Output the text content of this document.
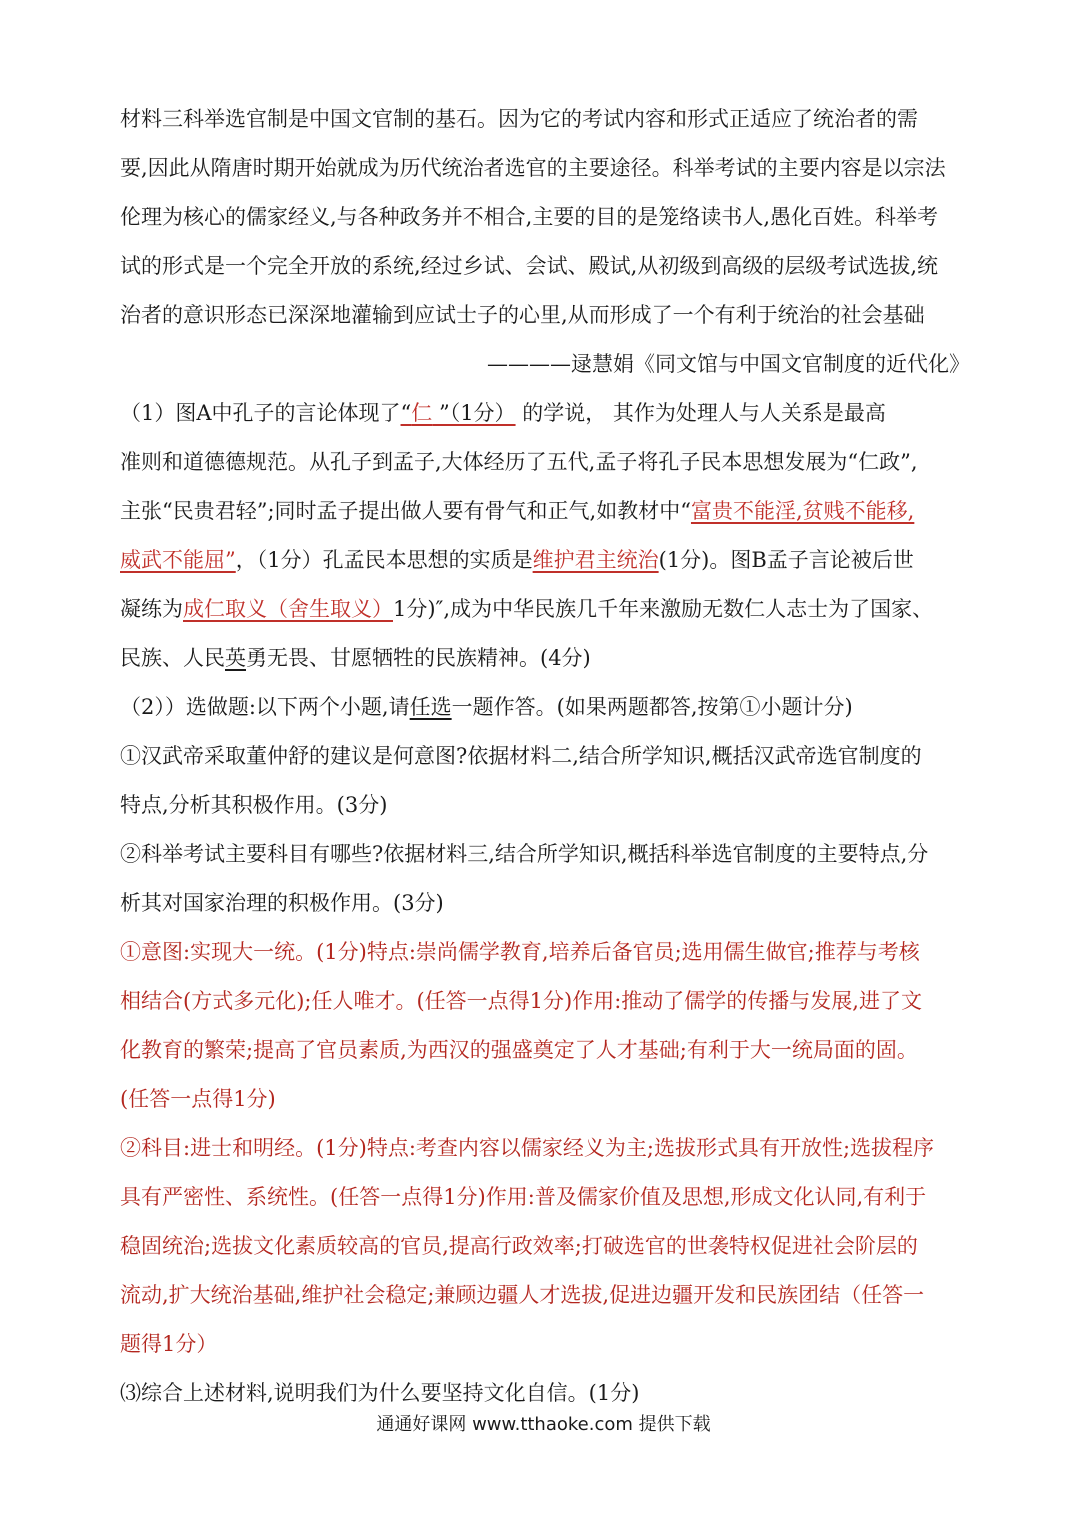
材料三科举选官制是中国文官制的基石。因为它的考试内容和形式正适应了统治者的需
要,因此从隋唐时期开始就成为历代统治者选官的主要途径。科举考试的主要内容是以宗法
伦理为核心的儒家经义,与各种政务并不相合,主要的目的是笼络读书人,愚化百姓。科举考
试的形式是一个完全开放的系统,经过乡试、会试、殿试,从初级到高级的层级考试选拔,统
治者的意识形态已深深地灌输到应试士子的心里,从而形成了一个有利于统治的社会基础
————逯慧娟《同文馆与中国文官制度的近代化》
（1）图A中孔子的言论体现了“仁 ”（1分） 的学说， 其作为处理人与人关系是最高
准则和道德德规范。从孔子到孟子,大体经历了五代,孟子将孔子民本思想发展为“仁政”,
主张“民贵君轻”;同时孟子提出做人要有骨气和正气,如教材中“富贵不能淫,贫贱不能移,
威武不能屈”，（1分）孔孟民本思想的实质是维护君主统治(1分)。图B孟子言论被后世
凝练为成仁取义（舍生取义）1分)″,成为中华民族几千年来激励无数仁人志士为了国家、
民族、人民英勇无畏、甘愿牺牲的民族精神。(4分)
（2））选做题:以下两个小题,请任选一题作答。(如果两题都答,按第①小题计分)
①汉武帝采取董仲舒的建议是何意图?依据材料二,结合所学知识,概括汉武帝选官制度的
特点,分析其积极作用。(3分)
②科举考试主要科目有哪些?依据材料三,结合所学知识,概括科举选官制度的主要特点,分
析其对国家治理的积极作用。(3分)
①意图:实现大一统。(1分)特点:崇尚儒学教育,培养后备官员;选用儒生做官;推荐与考核
相结合(方式多元化);任人唯才。(任答一点得1分)作用:推动了儒学的传播与发展,进了文
化教育的繁荣;提高了官员素质,为西汉的强盛奠定了人才基础;有利于大一统局面的固。
(任答一点得1分)
②科目:进士和明经。(1分)特点:考查内容以儒家经义为主;选拔形式具有开放性;选拔程序
具有严密性、系统性。(任答一点得1分)作用:普及儒家价值及思想,形成文化认同,有利于
稳固统治;选拔文化素质较高的官员,提高行政效率;打破选官的世袭特权促进社会阶层的
流动,扩大统治基础,维护社会稳定;兼顾边疆人才选拔,促进边疆开发和民族团结（任答一
题得1分）
⑶综合上述材料,说明我们为什么要坚持文化自信。(1分)
通通好课网 www.tthaoke.com 提供下载
